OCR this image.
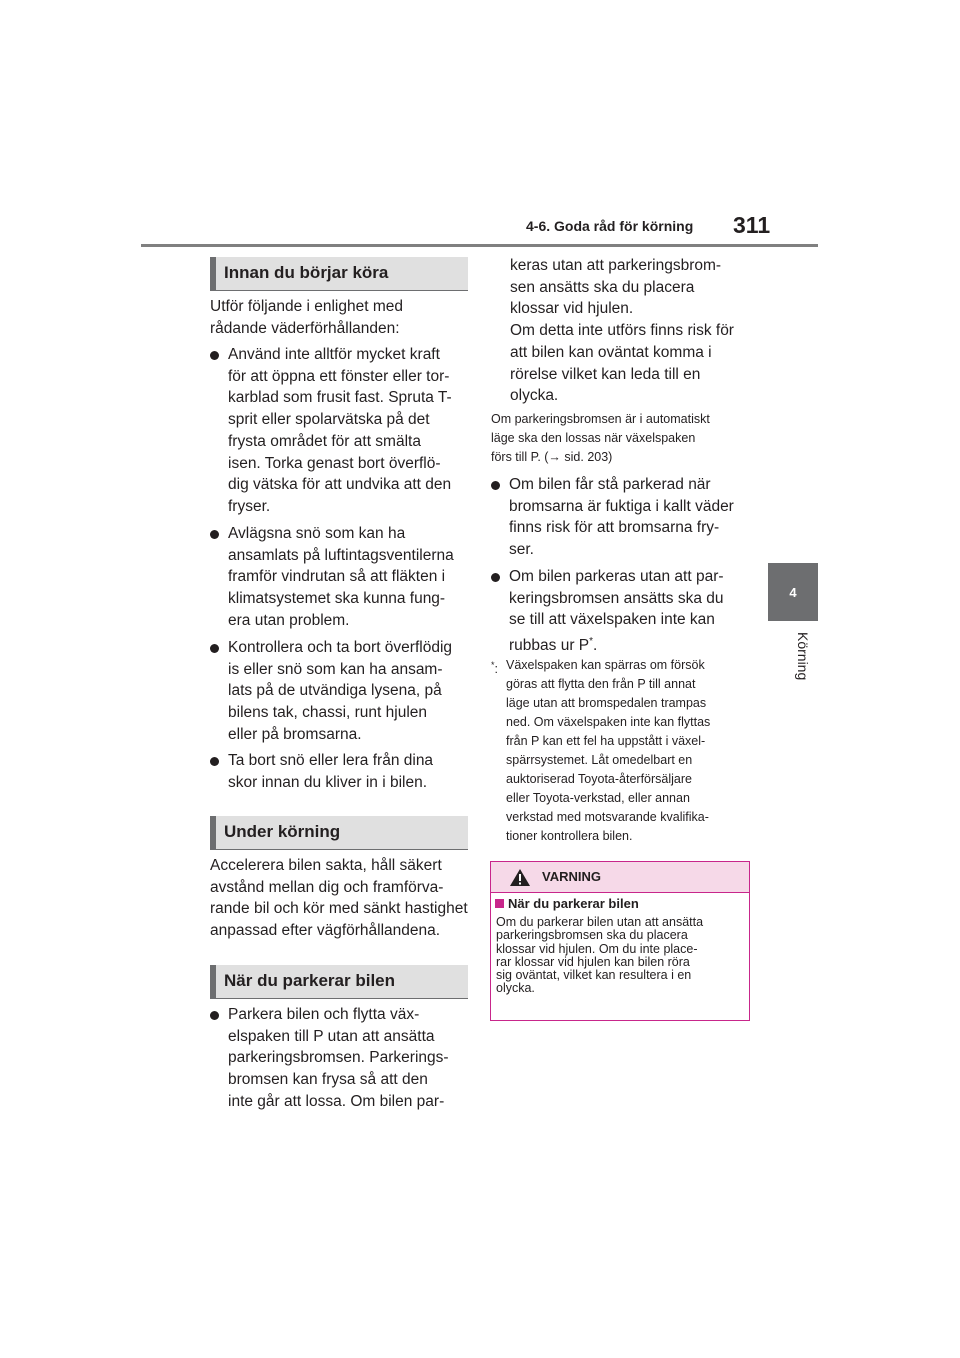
4-6. Goda råd för körning 311
4
Körning
Innan du börjar köra
Utför följande i enlighet med
rådande väderförhållanden:
Använd inte alltför mycket kraft
för att öppna ett fönster eller tor-
karblad som frusit fast. Spruta T-
sprit eller spolarvätska på det
frysta området för att smälta
isen. Torka genast bort överflö-
dig vätska för att undvika att den
fryser.
Avlägsna snö som kan ha
ansamlats på luftintagsventilerna
framför vindrutan så att fläkten i
klimatsystemet ska kunna fung-
era utan problem.
Kontrollera och ta bort överflödig
is eller snö som kan ha ansam-
lats på de utvändiga lysena, på
bilens tak, chassi, runt hjulen
eller på bromsarna.
Ta bort snö eller lera från dina
skor innan du kliver in i bilen.
Under körning
Accelerera bilen sakta, håll säkert
avstånd mellan dig och framförva-
rande bil och kör med sänkt hastighet
anpassad efter vägförhållandena.
När du parkerar bilen
Parkera bilen och flytta väx-
elspaken till P utan att ansätta
parkeringsbromsen. Parkerings-
bromsen kan frysa så att den
inte går att lossa. Om bilen par-
keras utan att parkeringsbrom-
sen ansätts ska du placera
klossar vid hjulen.
Om detta inte utförs finns risk för
att bilen kan oväntat komma i
rörelse vilket kan leda till en
olycka.
Om parkeringsbromsen är i automatiskt
läge ska den lossas när växelspaken
förs till P. (→ sid. 203)
Om bilen får stå parkerad när
bromsarna är fuktiga i kallt väder
finns risk för att bromsarna fry-
ser.
Om bilen parkeras utan att par-
keringsbromsen ansätts ska du
se till att växelspaken inte kan
rubbas ur P*.
*: Växelspaken kan spärras om försök
göras att flytta den från P till annat
läge utan att bromspedalen trampas
ned. Om växelspaken inte kan flyttas
från P kan ett fel ha uppstått i växel-
spärrsystemet. Låt omedelbart en
auktoriserad Toyota-återförsäljare
eller Toyota-verkstad, eller annan
verkstad med motsvarande kvalifika-
tioner kontrollera bilen.
VARNING
När du parkerar bilen
Om du parkerar bilen utan att ansätta
parkeringsbromsen ska du placera
klossar vid hjulen. Om du inte place-
rar klossar vid hjulen kan bilen röra
sig oväntat, vilket kan resultera i en
olycka.
